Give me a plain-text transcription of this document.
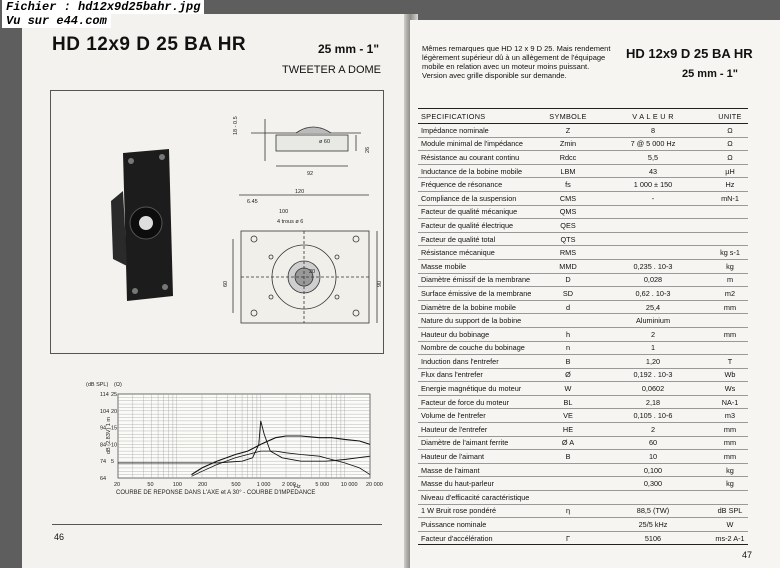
Fichier : hd12x9d25bahr.jpg
Vu sur e44.com
HD 12x9 D 25 BA HR	25 mm - 1"
TWEETER A DOME
18 - 0.5
26
ø 60
92
120
6.45
100
4 trous ø 6
60
20
90
(dB SPL) (Ω)
dB (2.83V) 1 m
20	50	100	200	500	1 000 2 000	5 000 10 000 20 000
64
74
84
94
104
114
5
10
15
20
25
COURBE DE REPONSE DANS L'AXE et A 30° - COURBE D'IMPEDANCE
Hz
46
Mêmes remarques que HD 12 x 9 D 25. Mais rendement légèrement supérieur dû à un allègement de l'équipage mobile en relation avec un moteur moins puissant. Version avec grille disponible sur demande.
HD 12x9 D 25 BA HR
25 mm - 1"
SPECIFICATIONS	SYMBOLE	V A L E U R	UNITE
Impédance nominale	Z	8	Ω
Module minimal de l'impédance	Zmin	7 @ 5 000 Hz	Ω
Résistance au courant continu	Rdcc	5,5	Ω
Inductance de la bobine mobile	LBM	43	µH
Fréquence de résonance	fs	1 000 ± 150	Hz
Compliance de la suspension	CMS	-	mN-1
Facteur de qualité mécanique	QMS		
Facteur de qualité électrique	QES		
Facteur de qualité total	QTS		
Résistance mécanique	RMS		kg s-1
Masse mobile	MMD	0,235 . 10-3	kg
Diamètre émissif de la membrane	D	0,028	m
Surface émissive de la membrane	SD	0,62 . 10-3	m2
Diamètre de la bobine mobile	d	25,4	mm
Nature du support de la bobine		Aluminium	
Hauteur du bobinage	h	2	mm
Nombre de couche du bobinage	n	1	
Induction dans l'entrefer	B	1,20	T
Flux dans l'entrefer	Ø	0,192 . 10-3	Wb
Energie magnétique du moteur	W	0,0602	Ws
Facteur de force du moteur	BL	2,18	NA-1
Volume de l'entrefer	VE	0,105 . 10-6	m3
Hauteur de l'entrefer	HE	2	mm
Diamètre de l'aimant ferrite	Ø A	60	mm
Hauteur de l'aimant	B	10	mm
Masse de l'aimant		0,100	kg
Masse du haut-parleur		0,300	kg
Niveau d'efficacité caractéristique			
1 W Bruit rose pondéré	η	88,5 (TW)	dB SPL
Puissance nominale		25/5 kHz	W
Facteur d'accélération	Γ	5106	ms-2 A-1
47
